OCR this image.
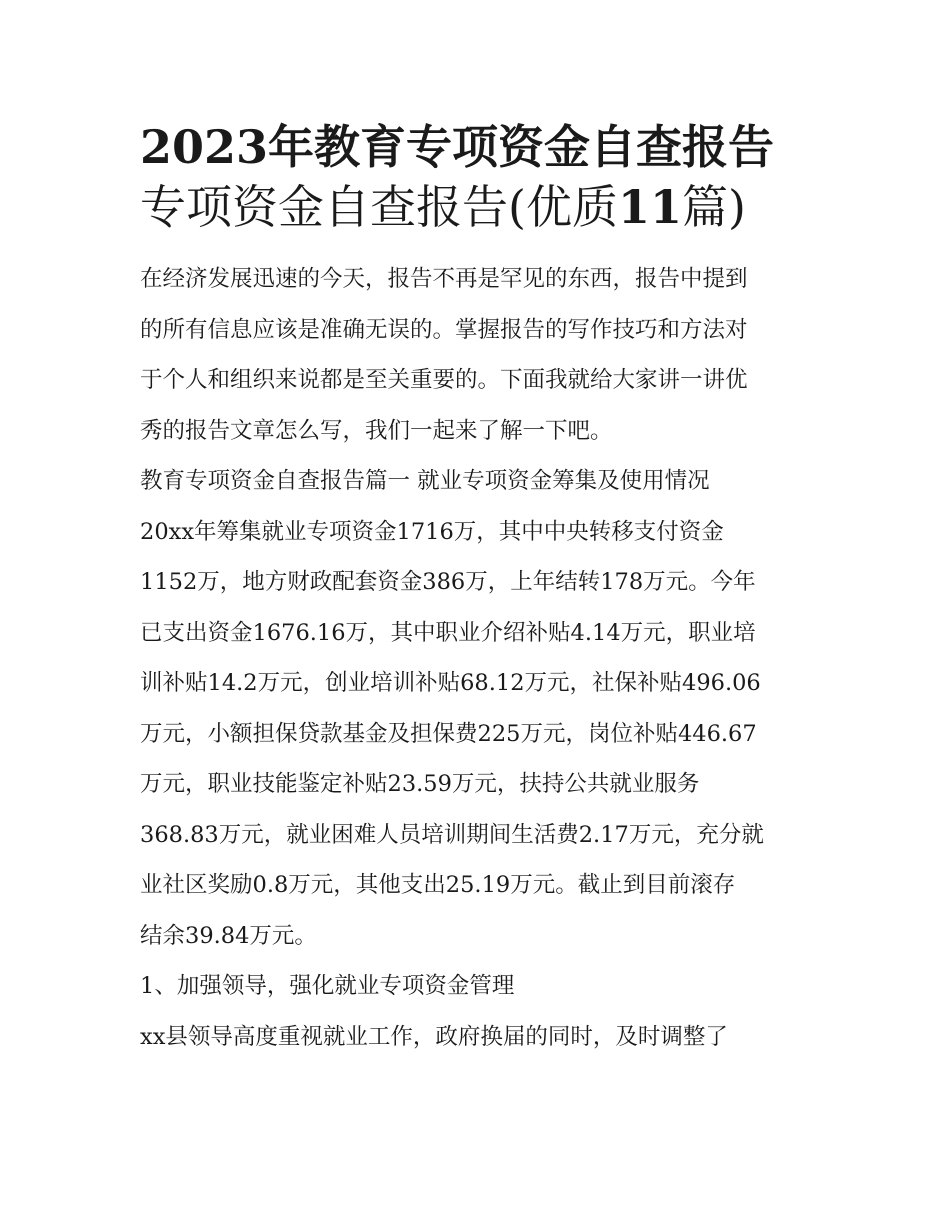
2023年教育专项资金自查报告
专项资金自查报告(优质11篇)

在经济发展迅速的今天，报告不再是罕见的东西，报告中提到
的所有信息应该是准确无误的。掌握报告的写作技巧和方法对
于个人和组织来说都是至关重要的。下面我就给大家讲一讲优
秀的报告文章怎么写，我们一起来了解一下吧。

教育专项资金自查报告篇一 就业专项资金筹集及使用情况

20xx年筹集就业专项资金1716万，其中中央转移支付资金
1152万，地方财政配套资金386万，上年结转178万元。今年
已支出资金1676.16万，其中职业介绍补贴4.14万元，职业培
训补贴14.2万元，创业培训补贴68.12万元，社保补贴496.06
万元，小额担保贷款基金及担保费225万元，岗位补贴446.67
万元，职业技能鉴定补贴23.59万元，扶持公共就业服务
368.83万元，就业困难人员培训期间生活费2.17万元，充分就
业社区奖励0.8万元，其他支出25.19万元。截止到目前滚存
结余39.84万元。

1、加强领导，强化就业专项资金管理

xx县领导高度重视就业工作，政府换届的同时，及时调整了
